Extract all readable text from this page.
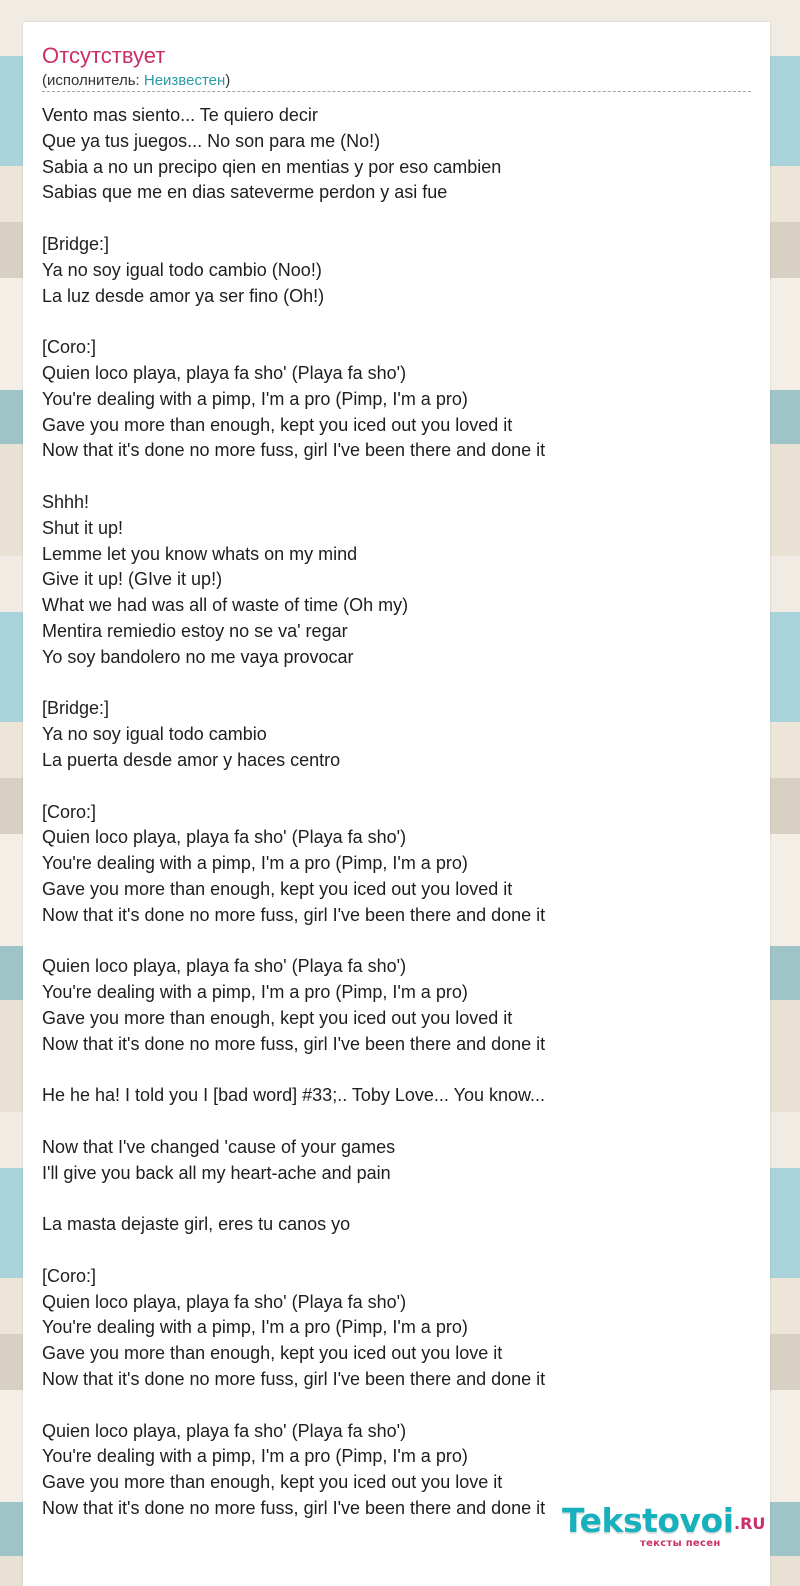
Отсутствует
(исполнитель: Неизвестен)
Vento mas siento... Te quiero decir
Que ya tus juegos... No son para me (No!)
Sabia a no un precipo qien en mentias y por eso cambien
Sabias que me en dias sateverme perdon y asi fue

[Bridge:]
Ya no soy igual todo cambio (Noo!)
La luz desde amor ya ser fino (Oh!)

[Coro:]
Quien loco playa, playa fa sho' (Playa fa sho')
You're dealing with a pimp, I'm a pro (Pimp, I'm a pro)
Gave you more than enough, kept you iced out you loved it
Now that it's done no more fuss, girl I've been there and done it

Shhh!
Shut it up!
Lemme let you know whats on my mind
Give it up! (GIve it up!)
What we had was all of waste of time (Oh my)
Mentira remiedio estoy no se va' regar
Yo soy bandolero no me vaya provocar

[Bridge:]
Ya no soy igual todo cambio
La puerta desde amor y haces centro

[Coro:]
Quien loco playa, playa fa sho' (Playa fa sho')
You're dealing with a pimp, I'm a pro (Pimp, I'm a pro)
Gave you more than enough, kept you iced out you loved it
Now that it's done no more fuss, girl I've been there and done it

Quien loco playa, playa fa sho' (Playa fa sho')
You're dealing with a pimp, I'm a pro (Pimp, I'm a pro)
Gave you more than enough, kept you iced out you loved it
Now that it's done no more fuss, girl I've been there and done it

He he ha! I told you I [bad word] #33;.. Toby Love... You know...

Now that I've changed 'cause of your games
I'll give you back all my heart-ache and pain

La masta dejaste girl, eres tu canos yo

[Coro:]
Quien loco playa, playa fa sho' (Playa fa sho')
You're dealing with a pimp, I'm a pro (Pimp, I'm a pro)
Gave you more than enough, kept you iced out you love it
Now that it's done no more fuss, girl I've been there and done it

Quien loco playa, playa fa sho' (Playa fa sho')
You're dealing with a pimp, I'm a pro (Pimp, I'm a pro)
Gave you more than enough, kept you iced out you love it
Now that it's done no more fuss, girl I've been there and done it Tekstovoi .RU
тексты песен
